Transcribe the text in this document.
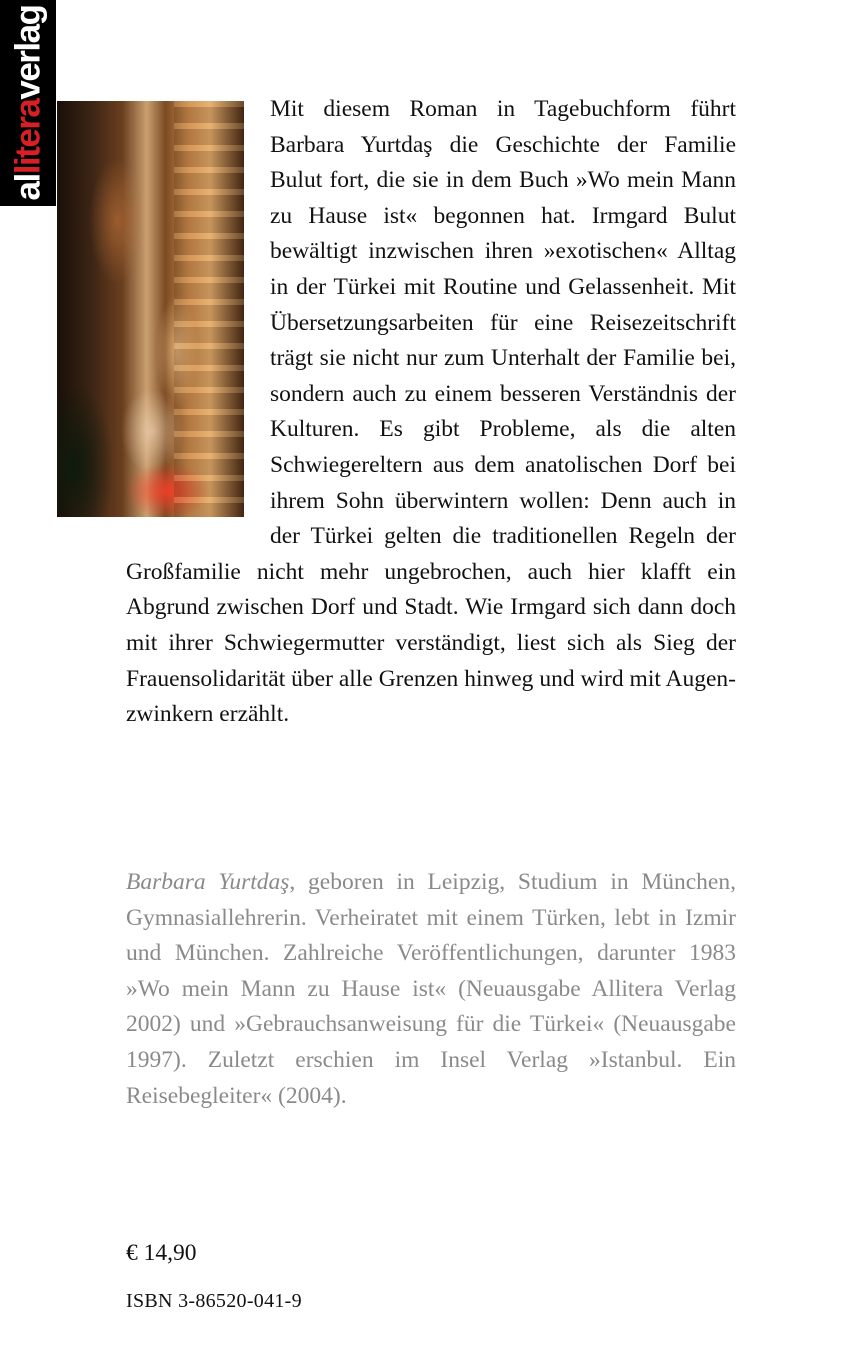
alliteraverlag

Mit diesem Roman in Tagebuchform führt Barbara Yurtdaş die Geschichte der Familie Bulut fort, die sie in dem Buch »Wo mein Mann zu Hause ist« begonnen hat. Irmgard Bulut bewältigt inzwischen ihren »exotischen« Alltag in der Türkei mit Routine und Gelassenheit. Mit Übersetzungsarbeiten für eine Reisezeitschrift trägt sie nicht nur zum Unterhalt der Familie bei, sondern auch zu einem besseren Verständnis der Kulturen. Es gibt Probleme, als die alten Schwiegereltern aus dem anatolischen Dorf bei ihrem Sohn überwintern wollen: Denn auch in der Türkei gelten die traditionellen Regeln der Großfamilie nicht mehr ungebrochen, auch hier klafft ein Abgrund zwischen Dorf und Stadt. Wie Irmgard sich dann doch mit ihrer Schwiegermutter verständigt, liest sich als Sieg der Frauensolidarität über alle Grenzen hinweg und wird mit Augenzwinkern erzählt.

Barbara Yurtdaş, geboren in Leipzig, Studium in München, Gymnasiallehrerin. Verheiratet mit einem Türken, lebt in Izmir und München. Zahlreiche Veröffentlichungen, darunter 1983 »Wo mein Mann zu Hause ist« (Neuausgabe Allitera Verlag 2002) und »Gebrauchsanweisung für die Türkei« (Neuausgabe 1997). Zuletzt erschien im Insel Verlag »Istanbul. Ein Reisebegleiter« (2004).

€ 14,90
ISBN 3-86520-041-9
